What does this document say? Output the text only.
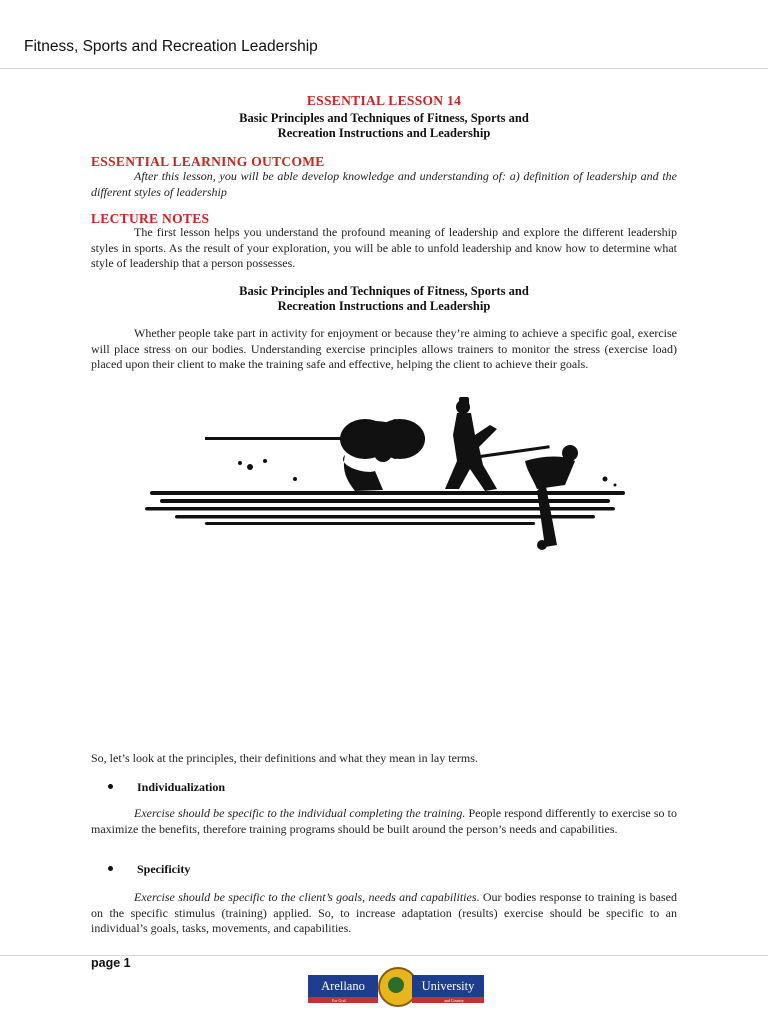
Fitness, Sports and Recreation Leadership
ESSENTIAL LESSON 14
Basic Principles and Techniques of Fitness, Sports and
Recreation Instructions and Leadership
ESSENTIAL LEARNING OUTCOME

After this lesson, you will be able develop knowledge and understanding of: a) definition of leadership and the different styles of leadership

LECTURE NOTES

The first lesson helps you understand the profound meaning of leadership and explore the different leadership styles in sports. As the result of your exploration, you will be able to unfold leadership and know how to determine what style of leadership that a person possesses.

Basic Principles and Techniques of Fitness, Sports and
Recreation Instructions and Leadership

Whether people take part in activity for enjoyment or because they’re aiming to achieve a specific goal, exercise will place stress on our bodies. Understanding exercise principles allows trainers to monitor the stress (exercise load) placed upon their client to make the training safe and effective, helping the client to achieve their goals.

So, let’s look at the principles, their definitions and what they mean in lay terms.

Individualization

Exercise should be specific to the individual completing the training. People respond differently to exercise so to maximize the benefits, therefore training programs should be built around the person’s needs and capabilities.

Specificity

Exercise should be specific to the client’s goals, needs and capabilities. Our bodies response to training is based on the specific stimulus (training) applied. So, to increase adaptation (results) exercise should be specific to an individual’s goals, tasks, movements, and capabilities.

page 1
Arellano
For God
University
and Country
